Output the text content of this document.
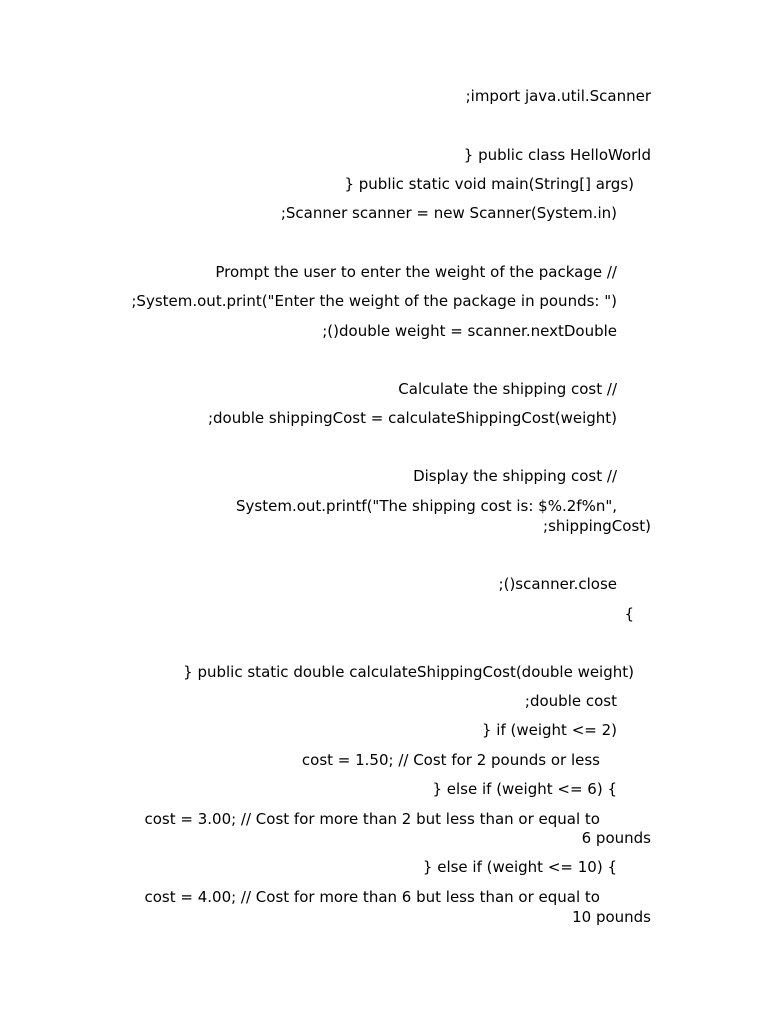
;import java.util.Scanner
} public class HelloWorld
} public static void main(String[] args)
;Scanner scanner = new Scanner(System.in)
Prompt the user to enter the weight of the package //
;System.out.print("Enter the weight of the package in pounds: ")
;()double weight = scanner.nextDouble
Calculate the shipping cost //
;double shippingCost = calculateShippingCost(weight)
Display the shipping cost //
System.out.printf("The shipping cost is: $%.2f%n",
;shippingCost)
;()scanner.close
{
} public static double calculateShippingCost(double weight)
;double cost
} if (weight <= 2)
cost = 1.50; // Cost for 2 pounds or less
} else if (weight <= 6) {
cost = 3.00; // Cost for more than 2 but less than or equal to
6 pounds
} else if (weight <= 10) {
cost = 4.00; // Cost for more than 6 but less than or equal to
10 pounds
